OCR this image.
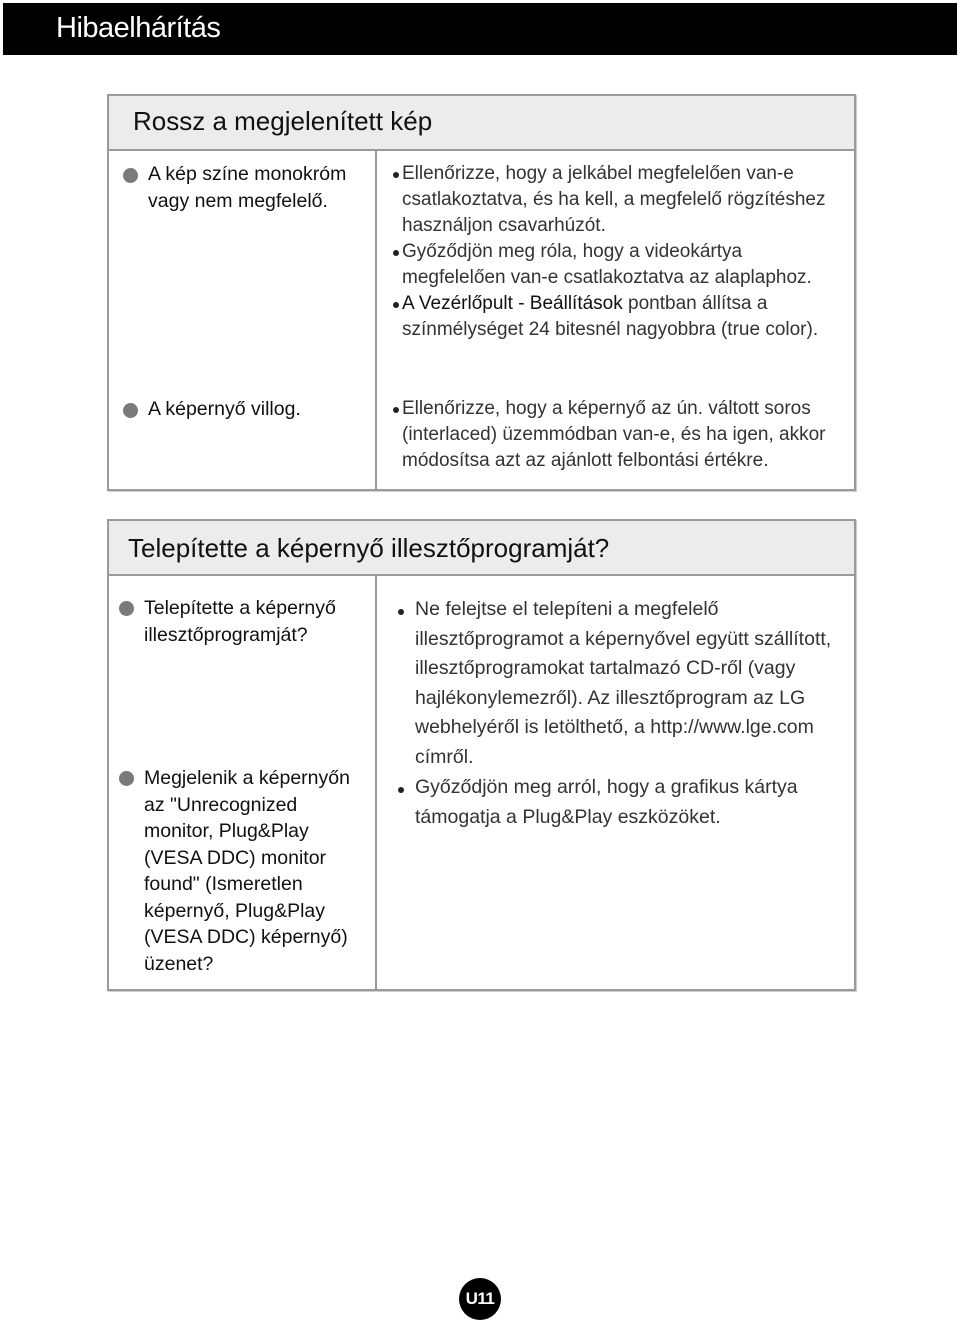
Hibaelhárítás
Rossz a megjelenített kép
A kép színe monokróm vagy nem megfelelő.
Ellenőrizze, hogy a jelkábel megfelelően van-e csatlakoztatva, és ha kell, a megfelelő rögzítéshez használjon csavarhúzót.
Győződjön meg róla, hogy a videokártya megfelelően van-e csatlakoztatva az alaplaphoz.
A Vezérlőpult - Beállítások pontban állítsa a színmélységet 24 bitesnél nagyobbra (true color).
A képernyő villog.	Ellenőrizze, hogy a képernyő az ún. váltott soros (interlaced) üzemmódban van-e, és ha igen, akkor módosítsa azt az ajánlott felbontási értékre.
Telepítette a képernyő illesztőprogramját?
Telepítette a képernyő illesztőprogramját?
Ne felejtse el telepíteni a megfelelő illesztőprogramot a képernyővel együtt szállított, illesztőprogramokat tartalmazó CD-ről (vagy hajlékonylemezről). Az illesztőprogram az LG webhelyéről is letölthető, a http://www.lge.com címről.
Megjelenik a képernyőn az "Unrecognized monitor, Plug&Play (VESA DDC) monitor found" (Ismeretlen képernyő, Plug&Play (VESA DDC) képernyő) üzenet?
Győződjön meg arról, hogy a grafikus kártya támogatja a Plug&Play eszközöket.
U11
